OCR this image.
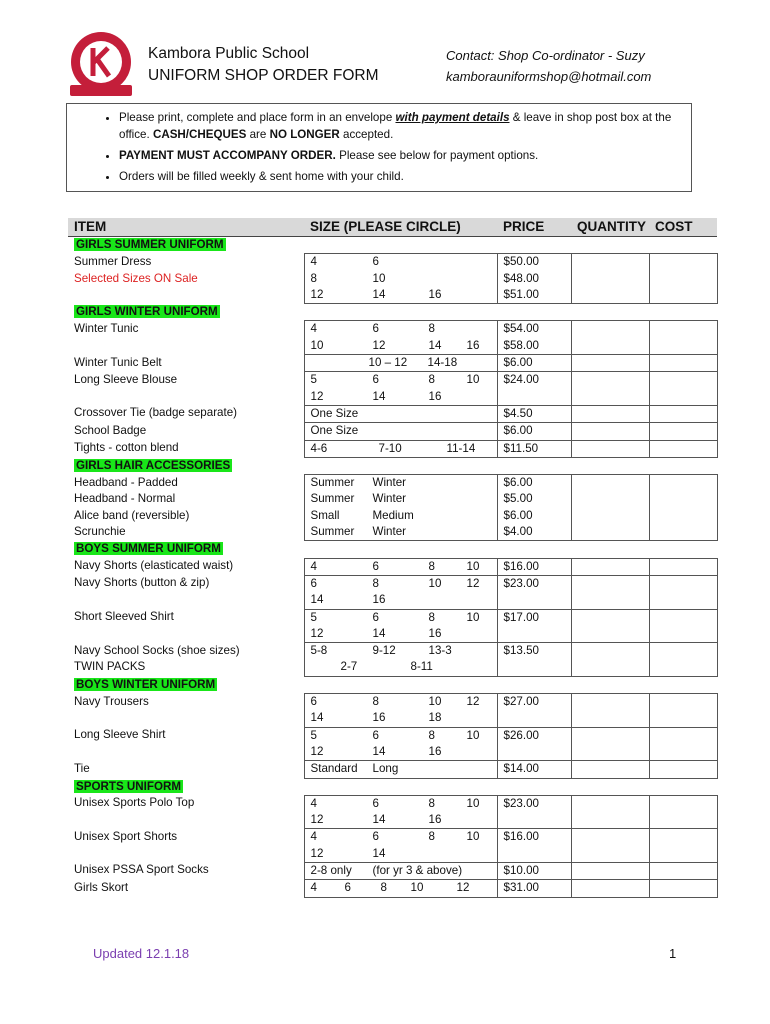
Kambora Public School
UNIFORM SHOP ORDER FORM
Contact: Shop Co-ordinator - Suzy
kamborauniformshop@hotmail.com
• Please print, complete and place form in an envelope with payment details & leave in shop post box at the office. CASH/CHEQUES are NO LONGER accepted.
• PAYMENT MUST ACCOMPANY ORDER. Please see below for payment options.
• Orders will be filled weekly & sent home with your child.
ITEM	SIZE (PLEASE CIRCLE)	PRICE	QUANTITY	COST
GIRLS SUMMER UNIFORM				
Summer Dress	4 6	$50.00		
Selected Sizes ON Sale	8 10	$48.00		

	12 14 16	$51.00		
GIRLS WINTER UNIFORM				
Winter Tunic	4 6 8	$54.00		

	10 12 14 16	$58.00		
Winter Tunic Belt	10 – 12 14-18	$6.00		
Long Sleeve Blouse	5 6 8 10	$24.00		

	12 14 16			

Crossover Tie (badge separate)	One Size	$4.50		
School Badge	One Size	$6.00		
Tights - cotton blend	4-6 7-10 11-14	$11.50		
GIRLS HAIR ACCESSORIES				
Headband - Padded	Summer Winter	$6.00		
Headband - Normal	Summer Winter	$5.00		
Alice band (reversible)	Small Medium	$6.00		
Scrunchie	Summer Winter	$4.00		
BOYS SUMMER UNIFORM				
Navy Shorts (elasticated waist)	4 6 8 10	$16.00		
Navy Shorts (button & zip)	6 8 10 12	$23.00		

	14 16			

Short Sleeved Shirt	5 6 8 10	$17.00		

	12 14 16			

Navy School Socks (shoe sizes)	5-8 9-12 13-3	$13.50		
TWIN PACKS	2-7 8-11			

BOYS WINTER UNIFORM				
Navy Trousers	6 8 10 12	$27.00		

	14 16 18			

Long Sleeve Shirt	5 6 8 10	$26.00		

	12 14 16			

Tie	Standard Long	$14.00		
SPORTS UNIFORM				
Unisex Sports Polo Top	4 6 8 10	$23.00		

	12 14 16			

Unisex Sport Shorts	4 6 8 10	$16.00		

	12 14			

Unisex PSSA Sport Socks	2-8 only (for yr 3 & above)	$10.00		
Girls Skort	4 6 8 10 12	$31.00		
Updated 12.1.18	1
